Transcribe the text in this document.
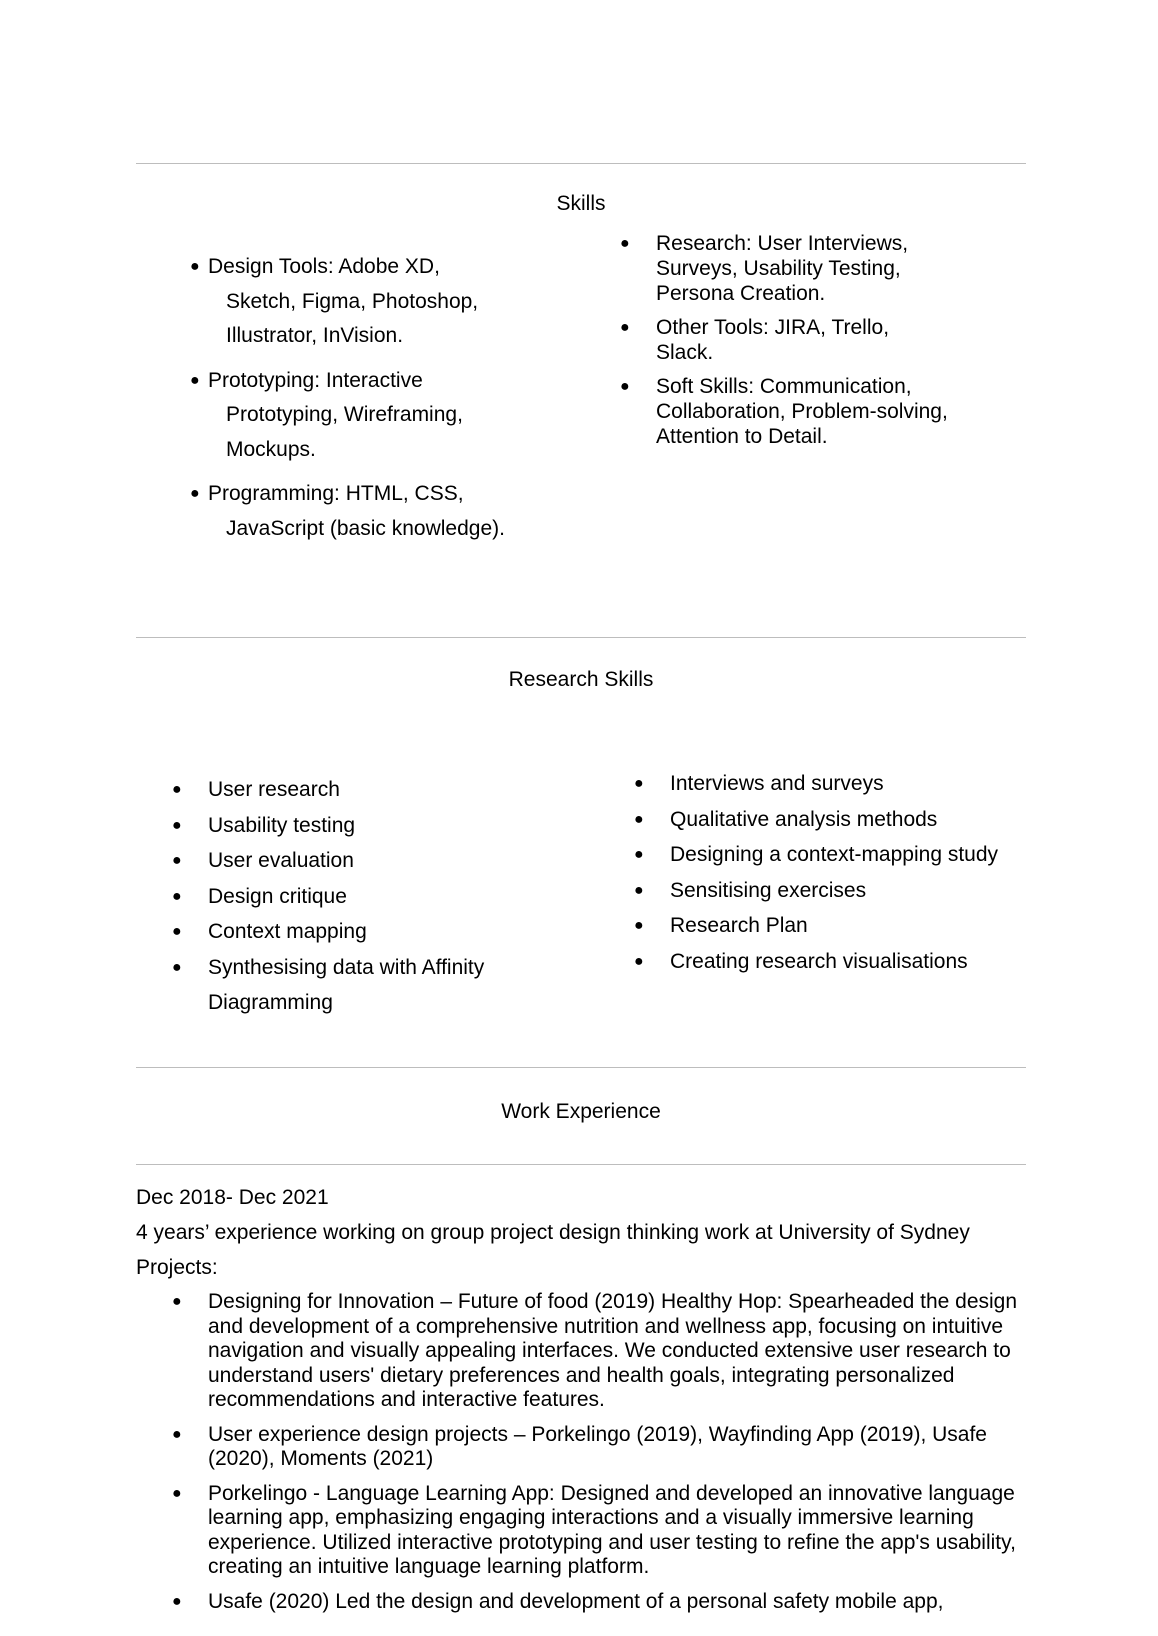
Skills
● Design Tools: Adobe XD,
Sketch, Figma, Photoshop, Illustrator, InVision.
● Prototyping: Interactive
Prototyping, Wireframing, Mockups.
● Programming: HTML, CSS,
JavaScript (basic knowledge).
● Research: User Interviews, Surveys, Usability Testing, Persona Creation.
● Other Tools: JIRA, Trello, Slack.
● Soft Skills: Communication, Collaboration, Problem-solving, Attention to Detail.
Research Skills
● User research
● Usability testing
● User evaluation
● Design critique
● Context mapping
● Synthesising data with Affinity Diagramming
● Interviews and surveys
● Qualitative analysis methods
● Designing a context-mapping study
● Sensitising exercises
● Research Plan
● Creating research visualisations
Work Experience
Dec 2018- Dec 2021
4 years’ experience working on group project design thinking work at University of Sydney
Projects:
● Designing for Innovation – Future of food (2019) Healthy Hop: Spearheaded the design and development of a comprehensive nutrition and wellness app, focusing on intuitive navigation and visually appealing interfaces. We conducted extensive user research to understand users' dietary preferences and health goals, integrating personalized recommendations and interactive features.
● User experience design projects – Porkelingo (2019), Wayfinding App (2019), Usafe (2020), Moments (2021)
● Porkelingo - Language Learning App: Designed and developed an innovative language learning app, emphasizing engaging interactions and a visually immersive learning experience. Utilized interactive prototyping and user testing to refine the app's usability, creating an intuitive language learning platform.
● Usafe (2020) Led the design and development of a personal safety mobile app,
